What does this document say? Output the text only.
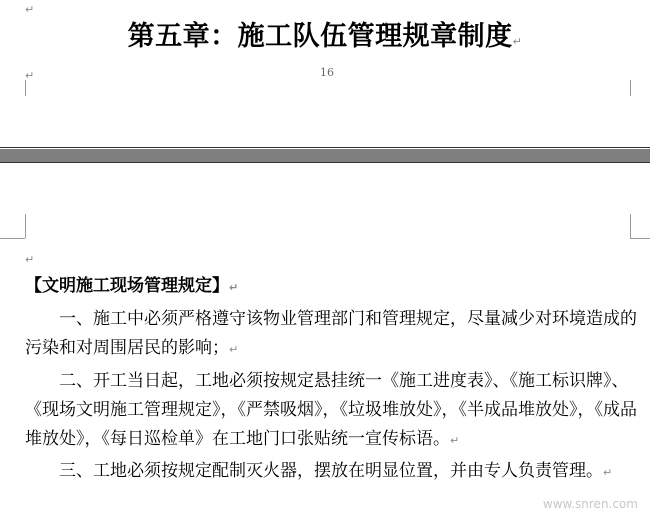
↵
第五章：施工队伍管理规章制度↵
↵	16
↵
【文明施工现场管理规定】↵
一、施工中必须严格遵守该物业管理部门和管理规定，尽量减少对环境造成的污染和对周围居民的影响；↵
二、开工当日起，工地必须按规定悬挂统一《施工进度表》、《施工标识牌》、《现场文明施工管理规定》，《严禁吸烟》，《垃圾堆放处》，《半成品堆放处》，《成品堆放处》，《每日巡检单》在工地门口张贴统一宣传标语。↵
三、工地必须按规定配制灭火器，摆放在明显位置，并由专人负责管理。↵
www.snren.com
